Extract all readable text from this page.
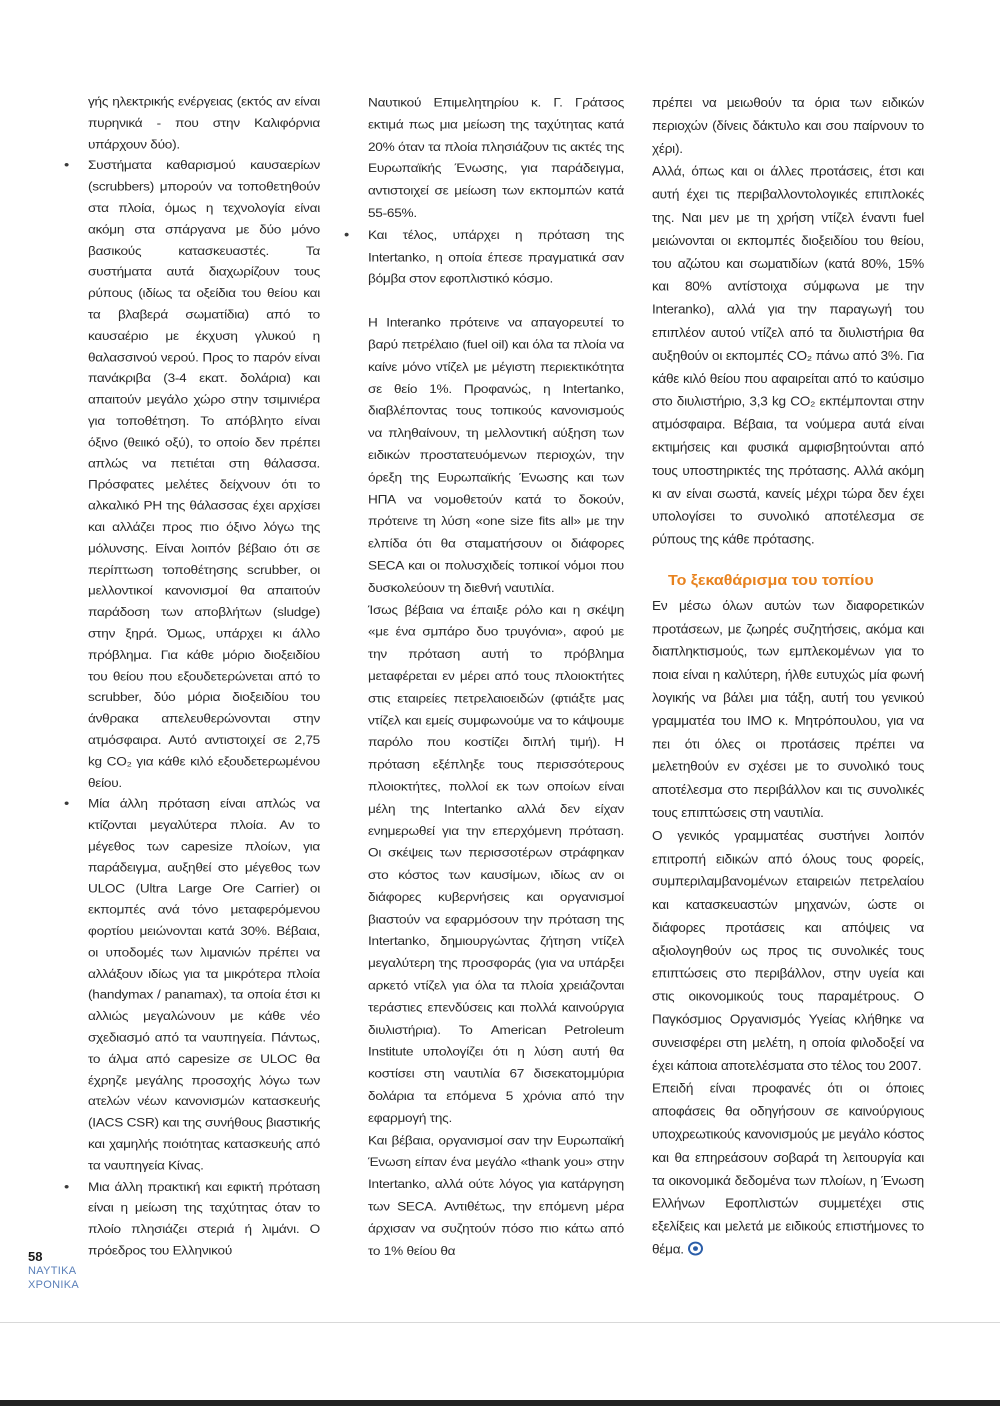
γής ηλεκτρικής ενέργειας (εκτός αν είναι πυρηνικά - που στην Καλιφόρνια υπάρχουν δύο).

• Συστήματα καθαρισμού καυσαερίων (scrubbers) μπορούν να τοποθετηθούν στα πλοία, όμως η τεχνολογία είναι ακόμη στα σπάργανα με δύο μόνο βασικούς κατασκευαστές. Τα συστήματα αυτά διαχωρίζουν τους ρύπους (ιδίως τα οξείδια του θείου και τα βλαβερά σωματίδια) από το καυσαέριο με έκχυση γλυκού η θαλασσινού νερού. Προς το παρόν είναι πανάκριβα (3-4 εκατ. δολάρια) και απαιτούν μεγάλο χώρο στην τσιμινιέρα για τοποθέτηση. Το απόβλητο είναι όξινο (θειικό οξύ), το οποίο δεν πρέπει απλώς να πετιέται στη θάλασσα. Πρόσφατες μελέτες δείχνουν ότι το αλκαλικό PH της θάλασσας έχει αρχίσει και αλλάζει προς πιο όξινο λόγω της μόλυνσης. Είναι λοιπόν βέβαιο ότι σε περίπτωση τοποθέτησης scrubber, οι μελλοντικοί κανονισμοί θα απαιτούν παράδοση των αποβλήτων (sludge) στην ξηρά. Όμως, υπάρχει κι άλλο πρόβλημα. Για κάθε μόριο διοξειδίου του θείου που εξουδετερώνεται από το scrubber, δύο μόρια διοξειδίου του άνθρακα απελευθερώνονται στην ατμόσφαιρα. Αυτό αντιστοιχεί σε 2,75 kg CO₂ για κάθε κιλό εξουδετερωμένου θείου.
• Μία άλλη πρόταση είναι απλώς να κτίζονται μεγαλύτερα πλοία. Αν το μέγεθος των capesize πλοίων, για παράδειγμα, αυξηθεί στο μέγεθος των ULOC (Ultra Large Ore Carrier) οι εκπομπές ανά τόνο μεταφερόμενου φορτίου μειώνονται κατά 30%. Βέβαια, οι υποδομές των λιμανιών πρέπει να αλλάξουν ιδίως για τα μικρότερα πλοία (handymax / panamax), τα οποία έτσι κι αλλιώς μεγαλώνουν με κάθε νέο σχεδιασμό από τα ναυπηγεία. Πάντως, το άλμα από capesize σε ULOC θα έχρηζε μεγάλης προσοχής λόγω των ατελών νέων κανονισμών κατασκευής (IACS CSR) και της συνήθους βιαστικής και χαμηλής ποιότητας κατασκευής από τα ναυπηγεία Κίνας.
• Μια άλλη πρακτική και εφικτή πρόταση είναι η μείωση της ταχύτητας όταν το πλοίο πλησιάζει στεριά ή λιμάνι. Ο πρόεδρος του Ελληνικού

Ναυτικού Επιμελητηρίου κ. Γ. Γράτσος εκτιμά πως μια μείωση της ταχύτητας κατά 20% όταν τα πλοία πλησιάζουν τις ακτές της Ευρωπαϊκής Ένωσης, για παράδειγμα, αντιστοιχεί σε μείωση των εκπομπών κατά 55-65%.

• Και τέλος, υπάρχει η πρόταση της Intertanko, η οποία έπεσε πραγματικά σαν βόμβα στον εφοπλιστικό κόσμο.

Η Interanko πρότεινε να απαγορευτεί το βαρύ πετρέλαιο (fuel oil) και όλα τα πλοία να καίνε μόνο ντίζελ με μέγιστη περιεκτικότητα σε θείο 1%. Προφανώς, η Intertanko, διαβλέποντας τους τοπικούς κανονισμούς να πληθαίνουν, τη μελλοντική αύξηση των ειδικών προστατευόμενων περιοχών, την όρεξη της Ευρωπαϊκής Ένωσης και των ΗΠΑ να νομοθετούν κατά το δοκούν, πρότεινε τη λύση «one size fits all» με την ελπίδα ότι θα σταματήσουν οι διάφορες SECA και οι πολυσχιδείς τοπικοί νόμοι που δυσκολεύουν τη διεθνή ναυτιλία.

Ίσως βέβαια να έπαιξε ρόλο και η σκέψη «με ένα σμπάρο δυο τρυγόνια», αφού με την πρόταση αυτή το πρόβλημα μεταφέρεται εν μέρει από τους πλοιοκτήτες στις εταιρείες πετρελαιοειδών (φτιάξτε μας ντίζελ και εμείς συμφωνούμε να το κάψουμε παρόλο που κοστίζει διπλή τιμή). Η πρόταση εξέπληξε τους περισσότερους πλοιοκτήτες, πολλοί εκ των οποίων είναι μέλη της Intertanko αλλά δεν είχαν ενημερωθεί για την επερχόμενη πρόταση. Οι σκέψεις των περισσοτέρων στράφηκαν στο κόστος των καυσίμων, ιδίως αν οι διάφορες κυβερνήσεις και οργανισμοί βιαστούν να εφαρμόσουν την πρόταση της Intertanko, δημιουργώντας ζήτηση ντίζελ μεγαλύτερη της προσφοράς (για να υπάρξει αρκετό ντίζελ για όλα τα πλοία χρειάζονται τεράστιες επενδύσεις και πολλά καινούργια διυλιστήρια). Το American Petroleum Institute υπολογίζει ότι η λύση αυτή θα κοστίσει στη ναυτιλία 67 δισεκατομμύρια δολάρια τα επόμενα 5 χρόνια από την εφαρμογή της.

Και βέβαια, οργανισμοί σαν την Ευρωπαϊκή Ένωση είπαν ένα μεγάλο «thank you» στην Intertanko, αλλά ούτε λόγος για κατάργηση των SECA. Αντιθέτως, την επόμενη μέρα άρχισαν να συζητούν πόσο πιο κάτω από το 1% θείου θα

πρέπει να μειωθούν τα όρια των ειδικών περιοχών (δίνεις δάκτυλο και σου παίρνουν το χέρι).

Αλλά, όπως και οι άλλες προτάσεις, έτσι και αυτή έχει τις περιβαλλοντολογικές επιπλοκές της. Ναι μεν με τη χρήση ντίζελ έναντι fuel μειώνονται οι εκπομπές διοξειδίου του θείου, του αζώτου και σωματιδίων (κατά 80%, 15% και 80% αντίστοιχα σύμφωνα με την Interanko), αλλά για την παραγωγή του επιπλέον αυτού ντίζελ από τα διυλιστήρια θα αυξηθούν οι εκπομπές CO₂ πάνω από 3%. Για κάθε κιλό θείου που αφαιρείται από το καύσιμο στο διυλιστήριο, 3,3 kg CO₂ εκπέμπονται στην ατμόσφαιρα. Βέβαια, τα νούμερα αυτά είναι εκτιμήσεις και φυσικά αμφισβητούνται από τους υποστηρικτές της πρότασης. Αλλά ακόμη κι αν είναι σωστά, κανείς μέχρι τώρα δεν έχει υπολογίσει το συνολικό αποτέλεσμα σε ρύπους της κάθε πρότασης.

Το ξεκαθάρισμα του τοπίου

Εν μέσω όλων αυτών των διαφορετικών προτάσεων, με ζωηρές συζητήσεις, ακόμα και διαπληκτισμούς, των εμπλεκομένων για το ποια είναι η καλύτερη, ήλθε ευτυχώς μία φωνή λογικής να βάλει μια τάξη, αυτή του γενικού γραμματέα του ΙΜΟ κ. Μητρόπουλου, για να πει ότι όλες οι προτάσεις πρέπει να μελετηθούν εν σχέσει με το συνολικό τους αποτέλεσμα στο περιβάλλον και τις συνολικές τους επιπτώσεις στη ναυτιλία.

Ο γενικός γραμματέας συστήνει λοιπόν επιτροπή ειδικών από όλους τους φορείς, συμπεριλαμβανομένων εταιρειών πετρελαίου και κατασκευαστών μηχανών, ώστε οι διάφορες προτάσεις και απόψεις να αξιολογηθούν ως προς τις συνολικές τους επιπτώσεις στο περιβάλλον, στην υγεία και στις οικονομικούς τους παραμέτρους. Ο Παγκόσμιος Οργανισμός Υγείας κλήθηκε να συνεισφέρει στη μελέτη, η οποία φιλοδοξεί να έχει κάποια αποτελέσματα στο τέλος του 2007.

Επειδή είναι προφανές ότι οι όποιες αποφάσεις θα οδηγήσουν σε καινούργιους υποχρεωτικούς κανονισμούς με μεγάλο κόστος και θα επηρεάσουν σοβαρά τη λειτουργία και τα οικονομικά δεδομένα των πλοίων, η Ένωση Ελλήνων Εφοπλιστών συμμετέχει στις εξελίξεις και μελετά με ειδικούς επιστήμονες το θέμα.

58
ΝΑΥΤΙΚΑ
ΧΡΟΝΙΚΑ
